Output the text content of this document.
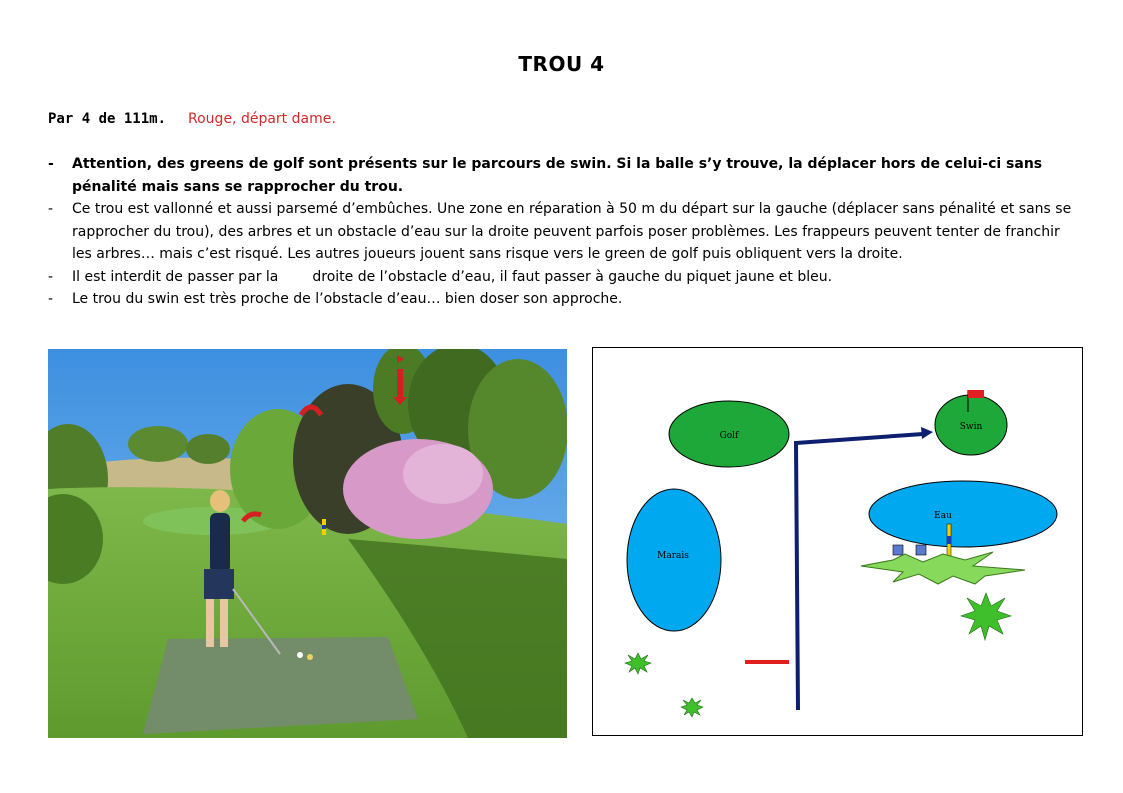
TROU 4
Par 4 de 111m. Rouge, départ dame.

- Attention, des greens de golf sont présents sur le parcours de swin. Si la balle s’y trouve, la déplacer hors de celui-ci sans pénalité mais sans se rapprocher du trou.

- Ce trou est vallonné et aussi parsemé d’embûches. Une zone en réparation à 50 m du départ sur la gauche (déplacer sans pénalité et sans se rapprocher du trou), des arbres et un obstacle d’eau sur la droite peuvent parfois poser problèmes. Les frappeurs peuvent tenter de franchir les arbres… mais c’est risqué. Les autres joueurs jouent sans risque vers le green de golf puis obliquent vers la droite.

- Il est interdit de passer par la droite de l’obstacle d’eau, il faut passer à gauche du piquet jaune et bleu.

- Le trou du swin est très proche de l’obstacle d’eau… bien doser son approche.

Golf
Swin
Eau
Marais
